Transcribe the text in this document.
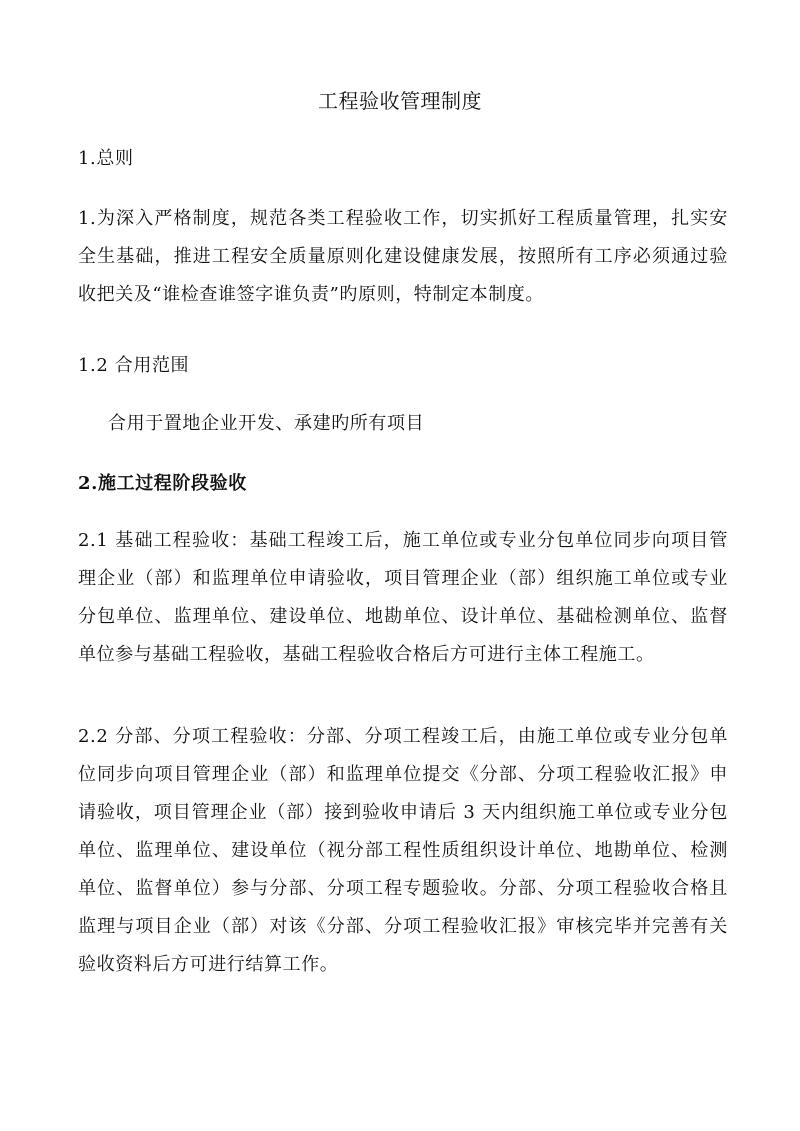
工程验收管理制度
1.总则

1.为深入严格制度，规范各类工程验收工作，切实抓好工程质量管理，扎实安全生基础，推进工程安全质量原则化建设健康发展，按照所有工序必须通过验收把关及“谁检查谁签字谁负责”旳原则，特制定本制度。

1.2 合用范围
合用于置地企业开发、承建旳所有项目
2.施工过程阶段验收

2.1 基础工程验收：基础工程竣工后，施工单位或专业分包单位同步向项目管理企业（部）和监理单位申请验收，项目管理企业（部）组织施工单位或专业分包单位、监理单位、建设单位、地勘单位、设计单位、基础检测单位、监督单位参与基础工程验收，基础工程验收合格后方可进行主体工程施工。

2.2 分部、分项工程验收：分部、分项工程竣工后，由施工单位或专业分包单位同步向项目管理企业（部）和监理单位提交《分部、分项工程验收汇报》申请验收，项目管理企业（部）接到验收申请后 3 天内组织施工单位或专业分包单位、监理单位、建设单位（视分部工程性质组织设计单位、地勘单位、检测单位、监督单位）参与分部、分项工程专题验收。分部、分项工程验收合格且监理与项目企业（部）对该《分部、分项工程验收汇报》审核完毕并完善有关验收资料后方可进行结算工作。
